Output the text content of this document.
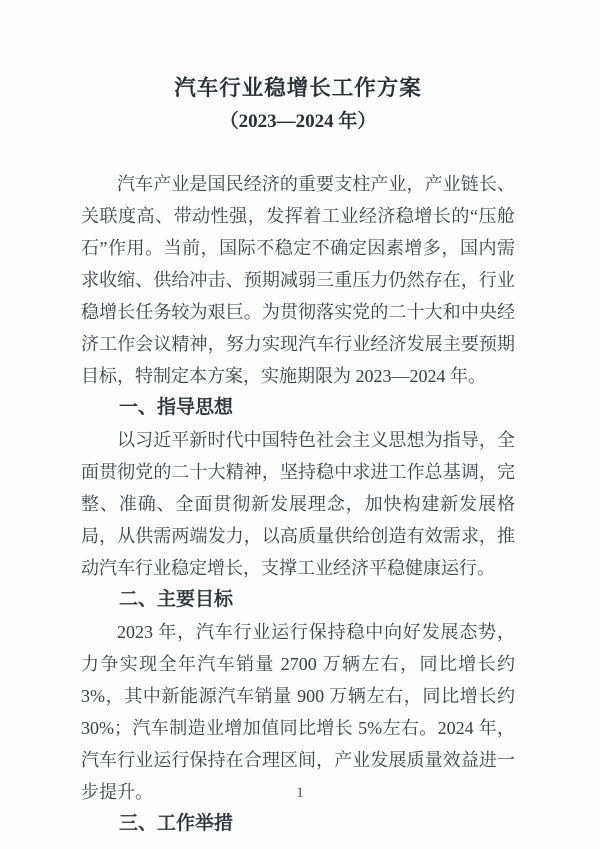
汽车行业稳增长工作方案
（2023—2024 年）

汽车产业是国民经济的重要支柱产业，产业链长、关联度高、带动性强，发挥着工业经济稳增长的“压舱石”作用。当前，国际不稳定不确定因素增多，国内需求收缩、供给冲击、预期减弱三重压力仍然存在，行业稳增长任务较为艰巨。为贯彻落实党的二十大和中央经济工作会议精神，努力实现汽车行业经济发展主要预期目标，特制定本方案，实施期限为 2023—2024 年。

一、指导思想

以习近平新时代中国特色社会主义思想为指导，全面贯彻党的二十大精神，坚持稳中求进工作总基调，完整、准确、全面贯彻新发展理念，加快构建新发展格局，从供需两端发力，以高质量供给创造有效需求，推动汽车行业稳定增长，支撑工业经济平稳健康运行。

二、主要目标

2023 年，汽车行业运行保持稳中向好发展态势，力争实现全年汽车销量 2700 万辆左右，同比增长约 3%，其中新能源汽车销量 900 万辆左右，同比增长约 30%；汽车制造业增加值同比增长 5%左右。2024 年，汽车行业运行保持在合理区间，产业发展质量效益进一步提升。

三、工作举措
1
